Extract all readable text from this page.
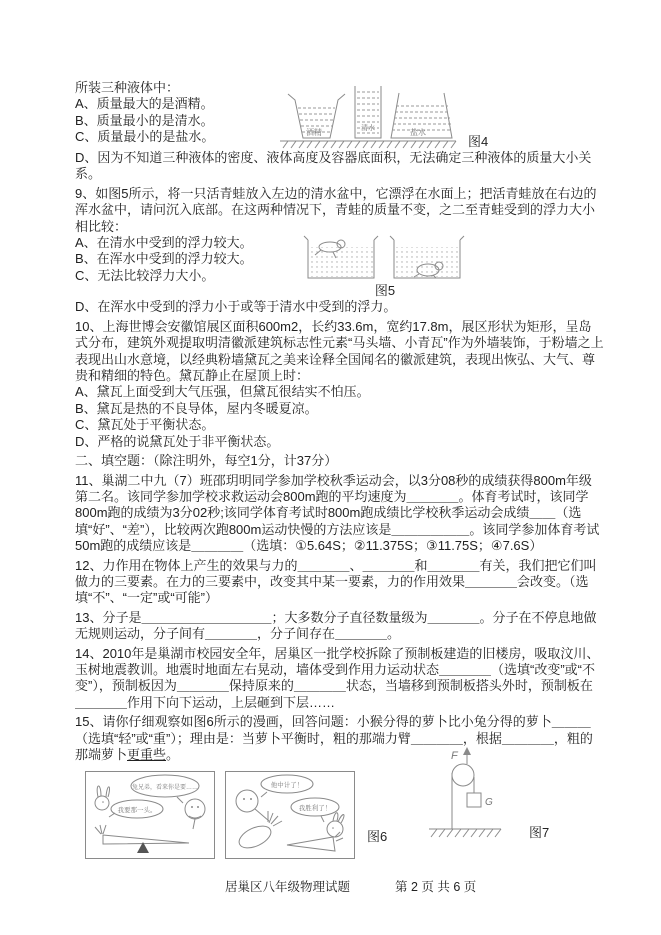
所装三种液体中：

A、质量最大的是酒精。

B、质量最小的是清水。

C、质量最小的是盐水。	酒精	清水	盐水
图4

D、因为不知道三种液体的密度、液体高度及容器底面积，无法确定三种液体的质量大小关系。

9、如图5所示，将一只活青蛙放入左边的清水盆中，它漂浮在水面上；把活青蛙放在右边的浑水盆中，请问沉入底部。在这两种情况下，青蛙的质量不变，之二至青蛙受到的浮力大小相比较：

A、在清水中受到的浮力较大。

B、在浑水中受到的浮力较大。

C、无法比较浮力大小。

图5

D、在浑水中受到的浮力小于或等于清水中受到的浮力。

10、上海世博会安徽馆展区面积600m2，长约33.6m，宽约17.8m，展区形状为矩形，呈岛式分布，建筑外观提取明清徽派建筑标志性元素“马头墙、小青瓦”作为外墙装饰，于粉墙之上表现出山水意境，以经典粉墙黛瓦之美来诠释全国闻名的徽派建筑，表现出恢弘、大气、尊贵和精细的特色。黛瓦静止在屋顶上时：

A、黛瓦上面受到大气压强，但黛瓦很结实不怕压。

B、黛瓦是热的不良导体，屋内冬暖夏凉。

C、黛瓦处于平衡状态。

D、严格的说黛瓦处于非平衡状态。

二、填空题：（除注明外，每空1分，计37分）

11、巢湖二中九（7）班邵玥明同学参加学校秋季运动会，以3分08秒的成绩获得800m年级第二名。该同学参加学校求救运动会800m跑的平均速度为＿＿＿＿。体育考试时，该同学800m跑的成绩为3分02秒;该同学体育考试时800m跑成绩比学校秋季运动会成绩＿＿（选填“好”、“差”），比较两次跑800m运动快慢的方法应该是＿＿＿＿＿＿。该同学参加体育考试50m跑的成绩应该是＿＿＿＿（选填：①5.64S；②11.375S；③11.75S；④7.6S）

12、力作用在物体上产生的效果与力的＿＿＿＿、＿＿＿＿和＿＿＿＿有关，我们把它们叫做力的三要素。在力的三要素中，改变其中某一要素，力的作用效果＿＿＿＿会改变。（选填“不”、“一定”或“可能”）

13、分子是＿＿＿＿＿＿＿＿＿＿；大多数分子直径数量级为＿＿＿＿。分子在不停息地做无规则运动，分子间有＿＿＿＿，分子间存在＿＿＿＿。

14、2010年是巢湖市校园安全年，居巢区一批学校拆除了预制板建造的旧楼房，吸取汶川、玉树地震教训。地震时地面左右晃动，墙体受到作用力运动状态＿＿＿＿（选填“改变”或“不变”），预制板因为＿＿＿＿保持原来的＿＿＿＿状态，当墙移到预制板搭头外时，预制板在＿＿＿＿作用下向下运动，上层砸到下层……

15、请你仔细观察如图6所示的漫画，回答问题：小猴分得的萝卜比小兔分得的萝卜＿＿＿（选填“轻”或“重”）；理由是：当萝卜平衡时，粗的那端力臂＿＿＿＿，根据＿＿＿＿，粗的那端萝卜更重些。

兔兄弟，看来你是要……
我要那一头。
他中计了！
我胜利了！
图6
F
G
图7
居巢区八年级物理试题	第 2 页 共 6 页
